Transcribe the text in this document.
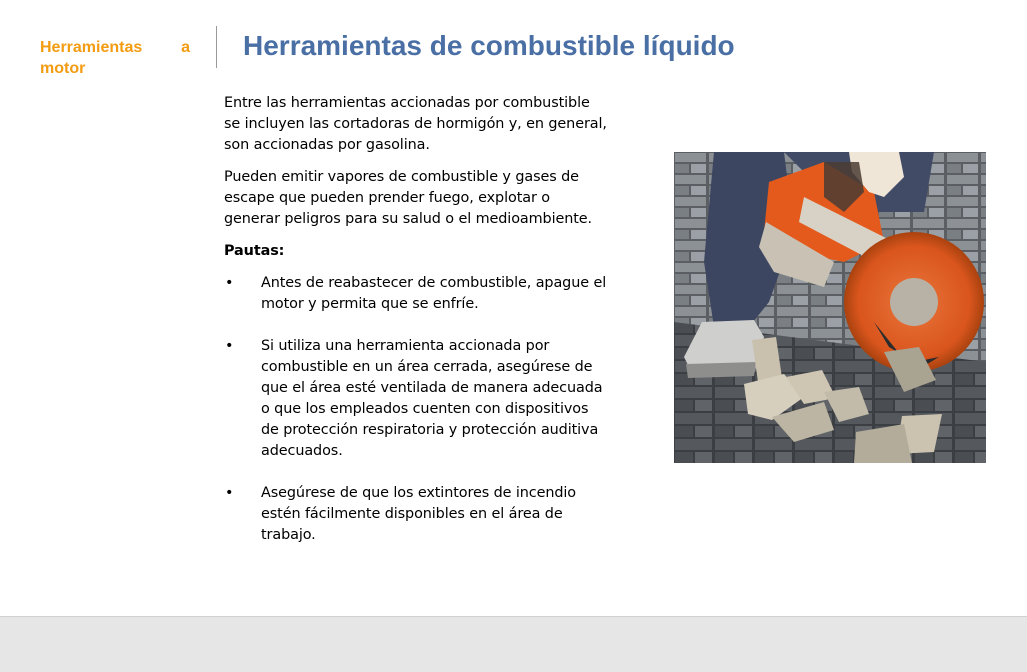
Herramientas a motor
Herramientas de combustible líquido

Entre las herramientas accionadas por combustible se incluyen las cortadoras de hormigón y, en general, son accionadas por gasolina.

Pueden emitir vapores de combustible y gases de escape que pueden prender fuego, explotar o generar peligros para su salud o el medioambiente.

Pautas:

• Antes de reabastecer de combustible, apague el motor y permita que se enfríe.
• Si utiliza una herramienta accionada por combustible en un área cerrada, asegúrese de que el área esté ventilada de manera adecuada o que los empleados cuenten con dispositivos de protección respiratoria y protección auditiva adecuados.
• Asegúrese de que los extintores de incendio estén fácilmente disponibles en el área de trabajo.
